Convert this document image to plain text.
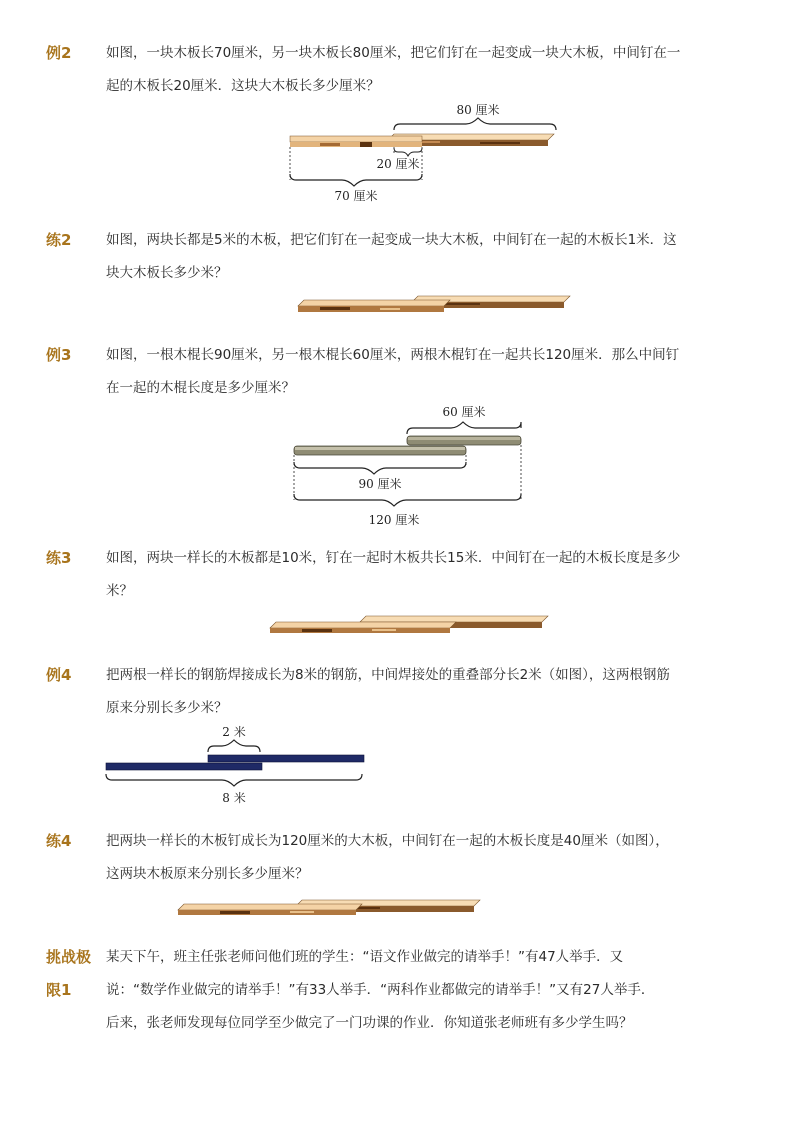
例2	如图，一块木板长70厘米，另一块木板长80厘米，把它们钉在一起变成一块大木板，中间钉在一
起的木板长20厘米．这块大木板长多少厘米？
80 厘米
20 厘米
70 厘米
练2	如图，两块长都是5米的木板，把它们钉在一起变成一块大木板，中间钉在一起的木板长1米．这
块大木板长多少米？
例3	如图，一根木棍长90厘米，另一根木棍长60厘米，两根木棍钉在一起共长120厘米．那么中间钉
在一起的木棍长度是多少厘米？
60 厘米
90 厘米
120 厘米
练3	如图，两块一样长的木板都是10米，钉在一起时木板共长15米．中间钉在一起的木板长度是多少
米？
例4	把两根一样长的钢筋焊接成长为8米的钢筋，中间焊接处的重叠部分长2米（如图），这两根钢筋
原来分别长多少米？
2 米
8 米
练4	把两块一样长的木板钉成长为120厘米的大木板，中间钉在一起的木板长度是40厘米（如图），
这两块木板原来分别长多少厘米？
挑战极
限1
某天下午，班主任张老师问他们班的学生：“语文作业做完的请举手！”有47人举手．又
说：“数学作业做完的请举手！”有33人举手．“两科作业都做完的请举手！”又有27人举手．
后来，张老师发现每位同学至少做完了一门功课的作业．你知道张老师班有多少学生吗？
